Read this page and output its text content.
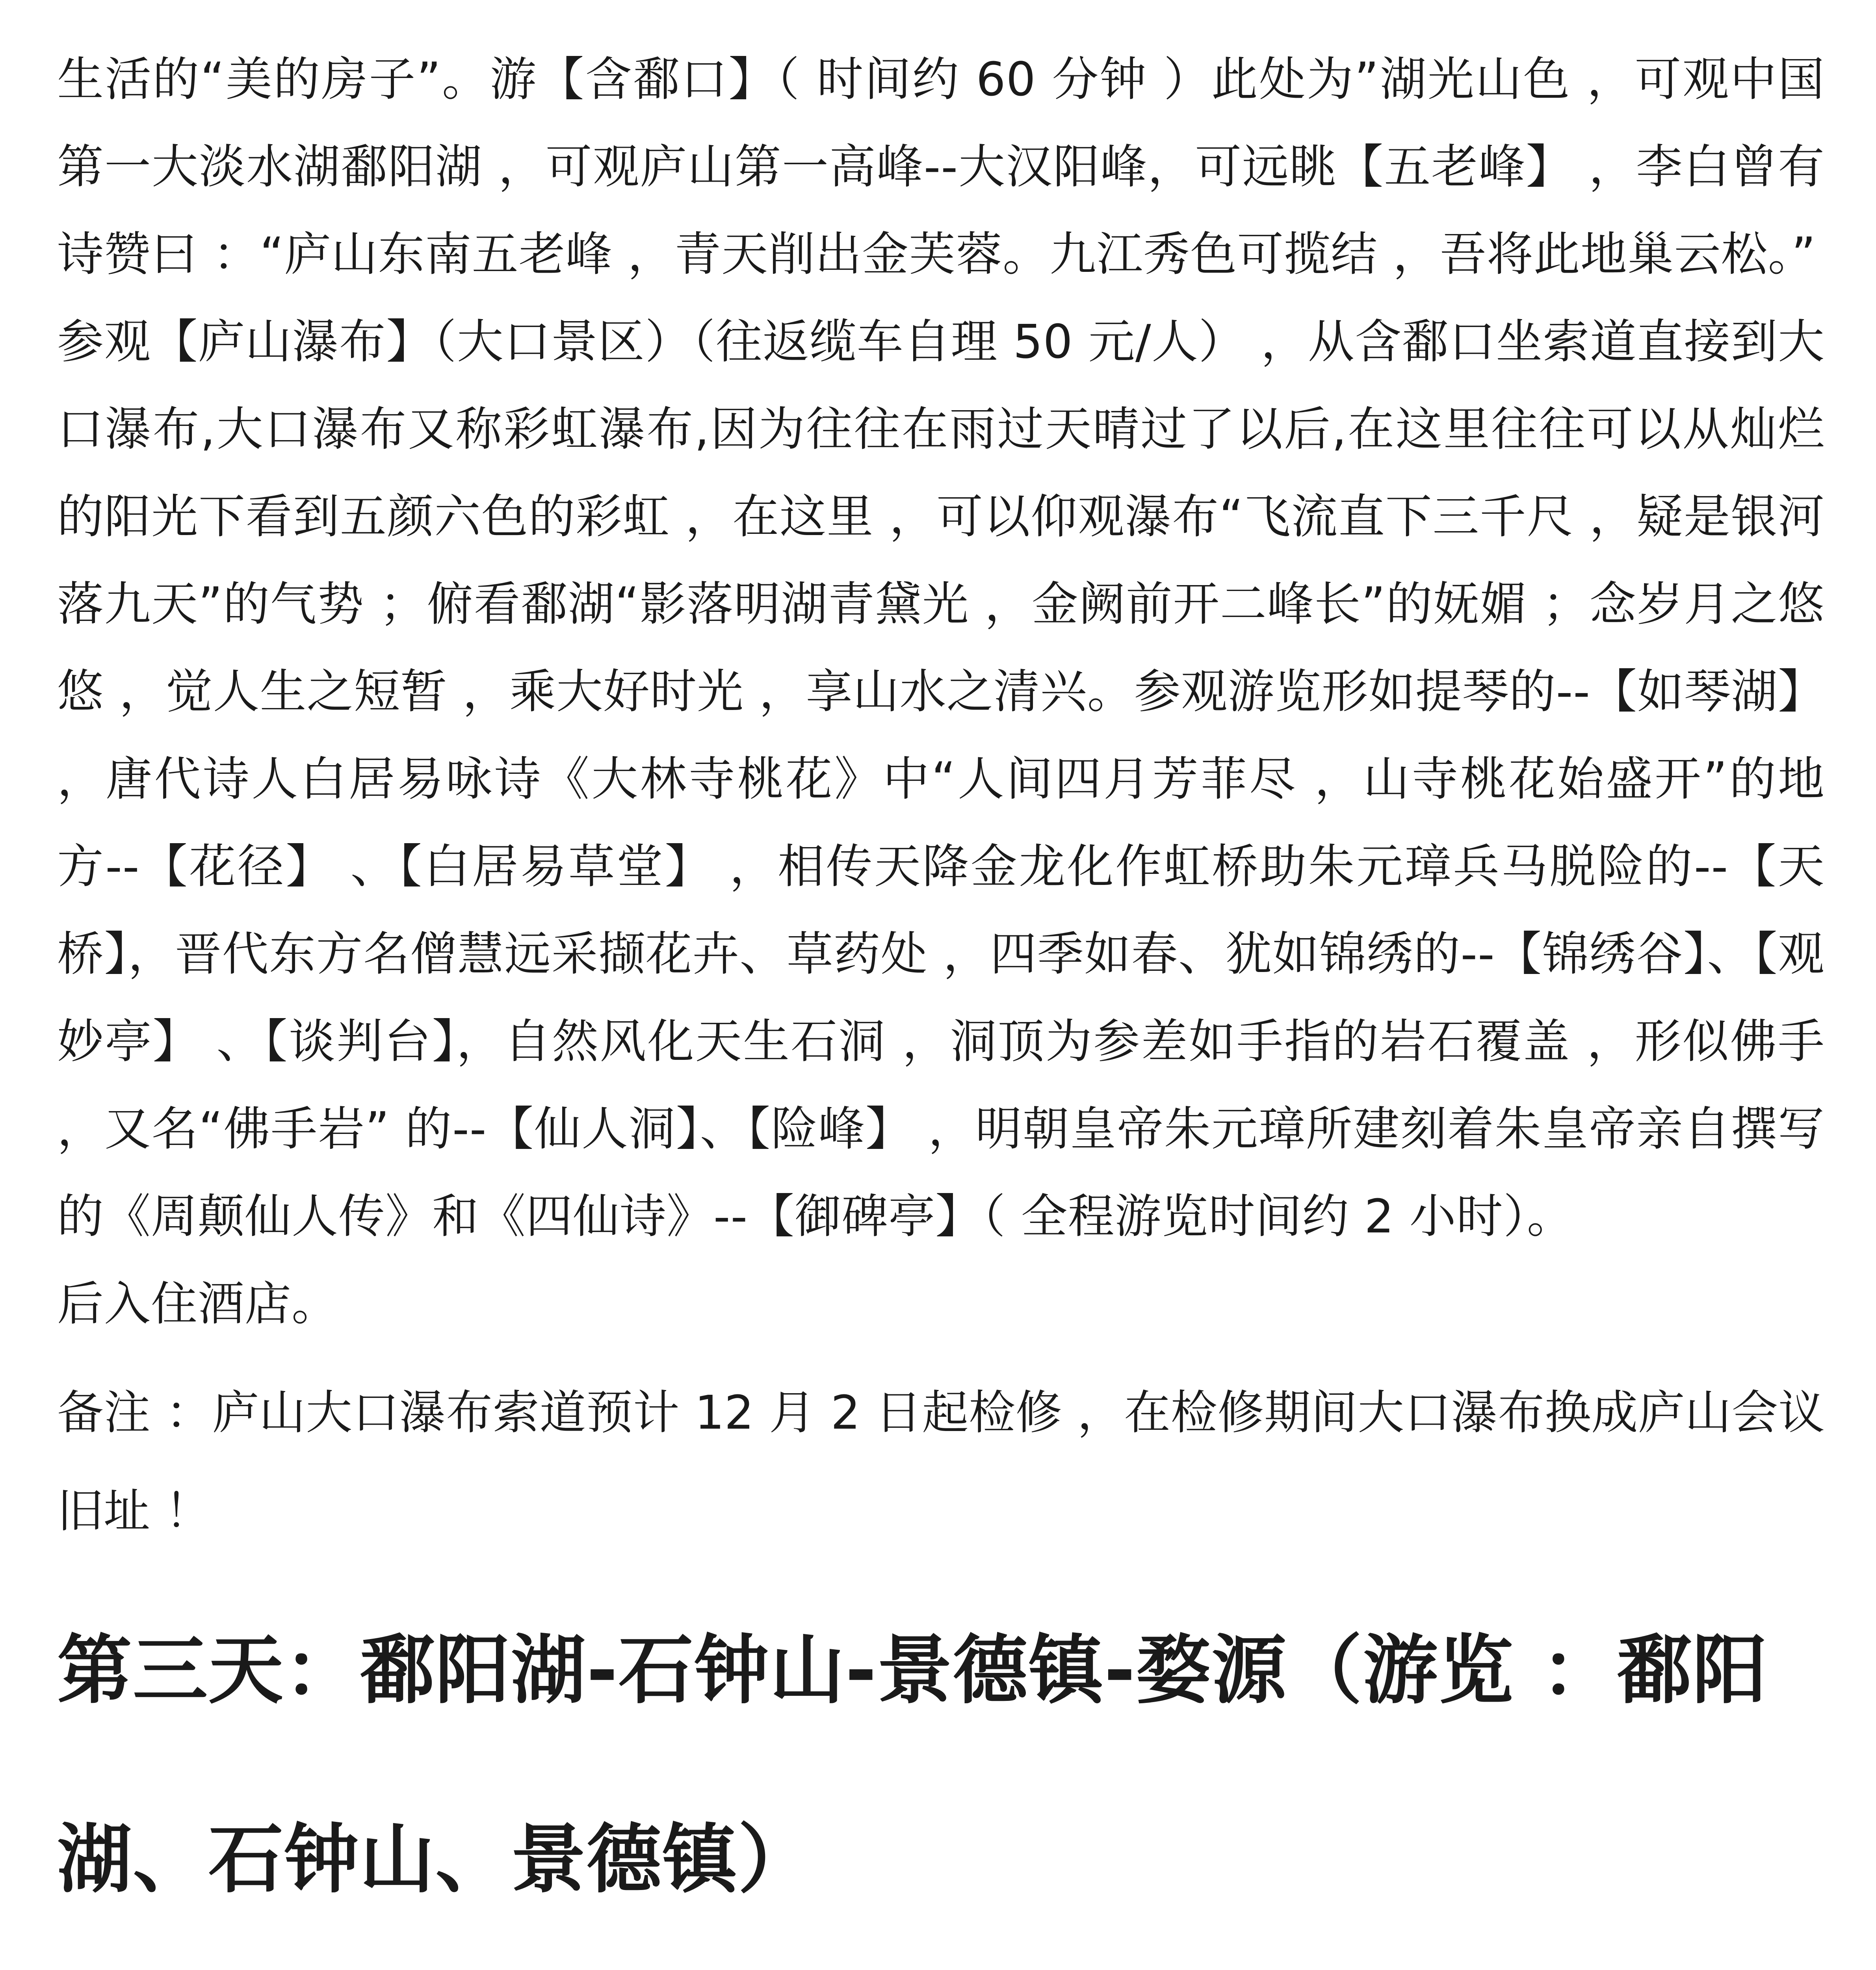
生活的“美的房子”。游【含鄱口】（ 时间约 60 分钟 ）此处为”湖光山色 ，可观中国第一大淡水湖鄱阳湖 ，可观庐山第一高峰--大汉阳峰，可远眺【五老峰】 ，李白曾有诗赞曰 ：“庐山东南五老峰 ，青天削出金芙蓉。九江秀色可揽结 ，吾将此地巢云松。”

参观【庐山瀑布】（大口景区）（往返缆车自理 50 元/人） ，从含鄱口坐索道直接到大口瀑布,大口瀑布又称彩虹瀑布,因为往往在雨过天晴过了以后,在这里往往可以从灿烂的阳光下看到五颜六色的彩虹 ，在这里 ，可以仰观瀑布“飞流直下三千尺 ，疑是银河落九天”的气势 ；俯看鄱湖“影落明湖青黛光 ，金阙前开二峰长”的妩媚 ；念岁月之悠悠 ，觉人生之短暂 ，乘大好时光 ，享山水之清兴。参观游览形如提琴的--【如琴湖】 ，唐代诗人白居易咏诗《大林寺桃花》中“人间四月芳菲尽 ，山寺桃花始盛开”的地方--【花径】 、【白居易草堂】 ，相传天降金龙化作虹桥助朱元璋兵马脱险的--【天桥】，晋代东方名僧慧远采撷花卉、草药处 ，四季如春、犹如锦绣的--【锦绣谷】、【观妙亭】 、【谈判台】，自然风化天生石洞 ，洞顶为参差如手指的岩石覆盖 ，形似佛手 ，又名“佛手岩” 的--【仙人洞】、【险峰】 ，明朝皇帝朱元璋所建刻着朱皇帝亲自撰写的《周颠仙人传》和《四仙诗》--【御碑亭】（ 全程游览时间约 2 小时）。

后入住酒店。

备注 ：庐山大口瀑布索道预计 12 月 2 日起检修 ，在检修期间大口瀑布换成庐山会议旧址 ！

第三天：鄱阳湖-石钟山-景德镇-婺源（游览 ：鄱阳湖、石钟山、景德镇）
